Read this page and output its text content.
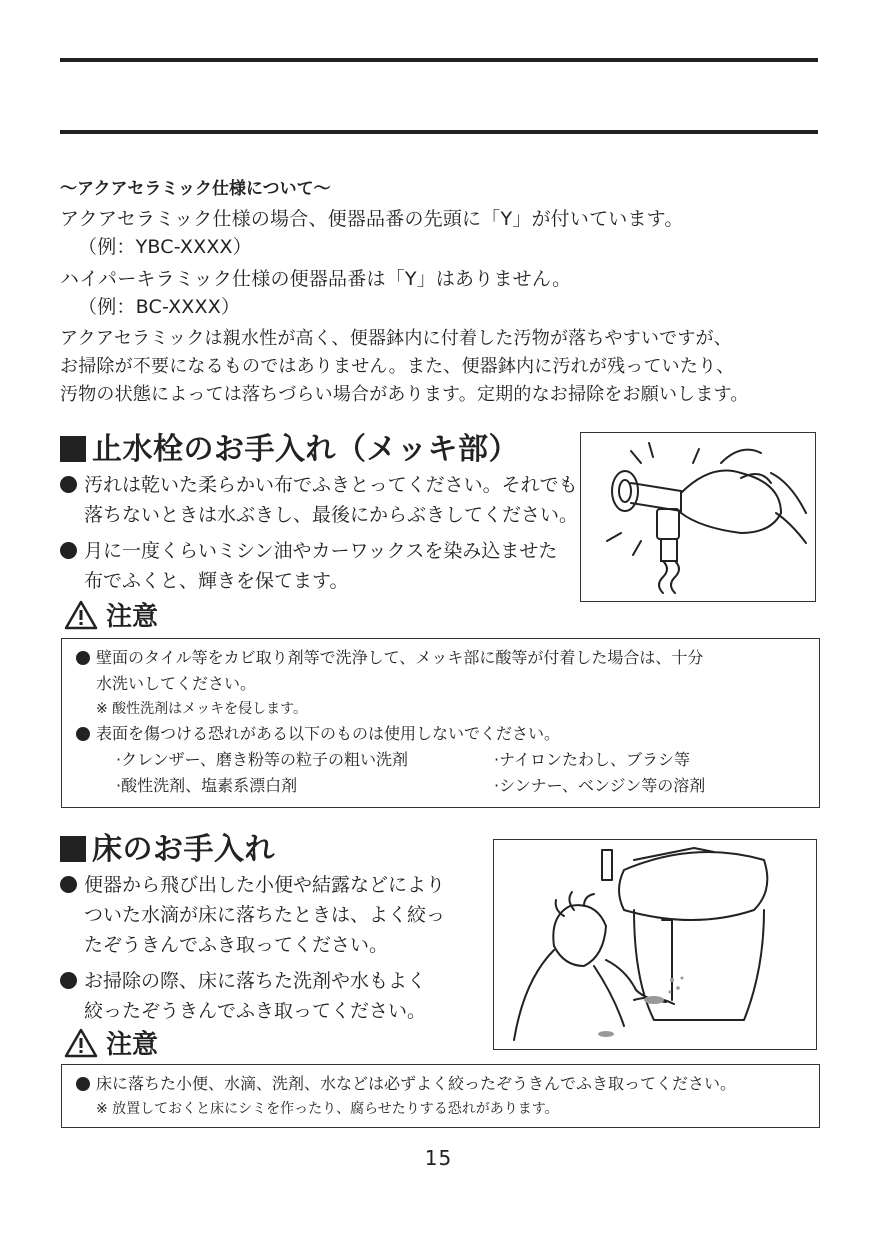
〜アクアセラミック仕様について〜

アクアセラミック仕様の場合、便器品番の先頭に「Y」が付いています。

（例：YBC-XXXX）

ハイパーキラミック仕様の便器品番は「Y」はありません。

（例：BC-XXXX）

アクアセラミックは親水性が高く、便器鉢内に付着した汚物が落ちやすいですが、

お掃除が不要になるものではありません。また、便器鉢内に汚れが残っていたり、

汚物の状態によっては落ちづらい場合があります。定期的なお掃除をお願いします。

止水栓のお手入れ（メッキ部）
汚れは乾いた柔らかい布でふきとってください。それでも
落ちないときは水ぶきし、最後にからぶきしてください。
月に一度くらいミシン油やカーワックスを染み込ませた
布でふくと、輝きを保てます。
注意
壁面のタイル等をカビ取り剤等で洗浄して、メッキ部に酸等が付着した場合は、十分
水洗いしてください。
※ 酸性洗剤はメッキを侵します。
表面を傷つける恐れがある以下のものは使用しないでください。
·クレンザー、磨き粉等の粒子の粗い洗剤	·ナイロンたわし、ブラシ等
·酸性洗剤、塩素系漂白剤	·シンナー、ベンジン等の溶剤
床のお手入れ
便器から飛び出した小便や結露などにより
ついた水滴が床に落ちたときは、よく絞っ
たぞうきんでふき取ってください。
お掃除の際、床に落ちた洗剤や水もよく
絞ったぞうきんでふき取ってください。
注意
床に落ちた小便、水滴、洗剤、水などは必ずよく絞ったぞうきんでふき取ってください。
※ 放置しておくと床にシミを作ったり、腐らせたりする恐れがあります。
15
